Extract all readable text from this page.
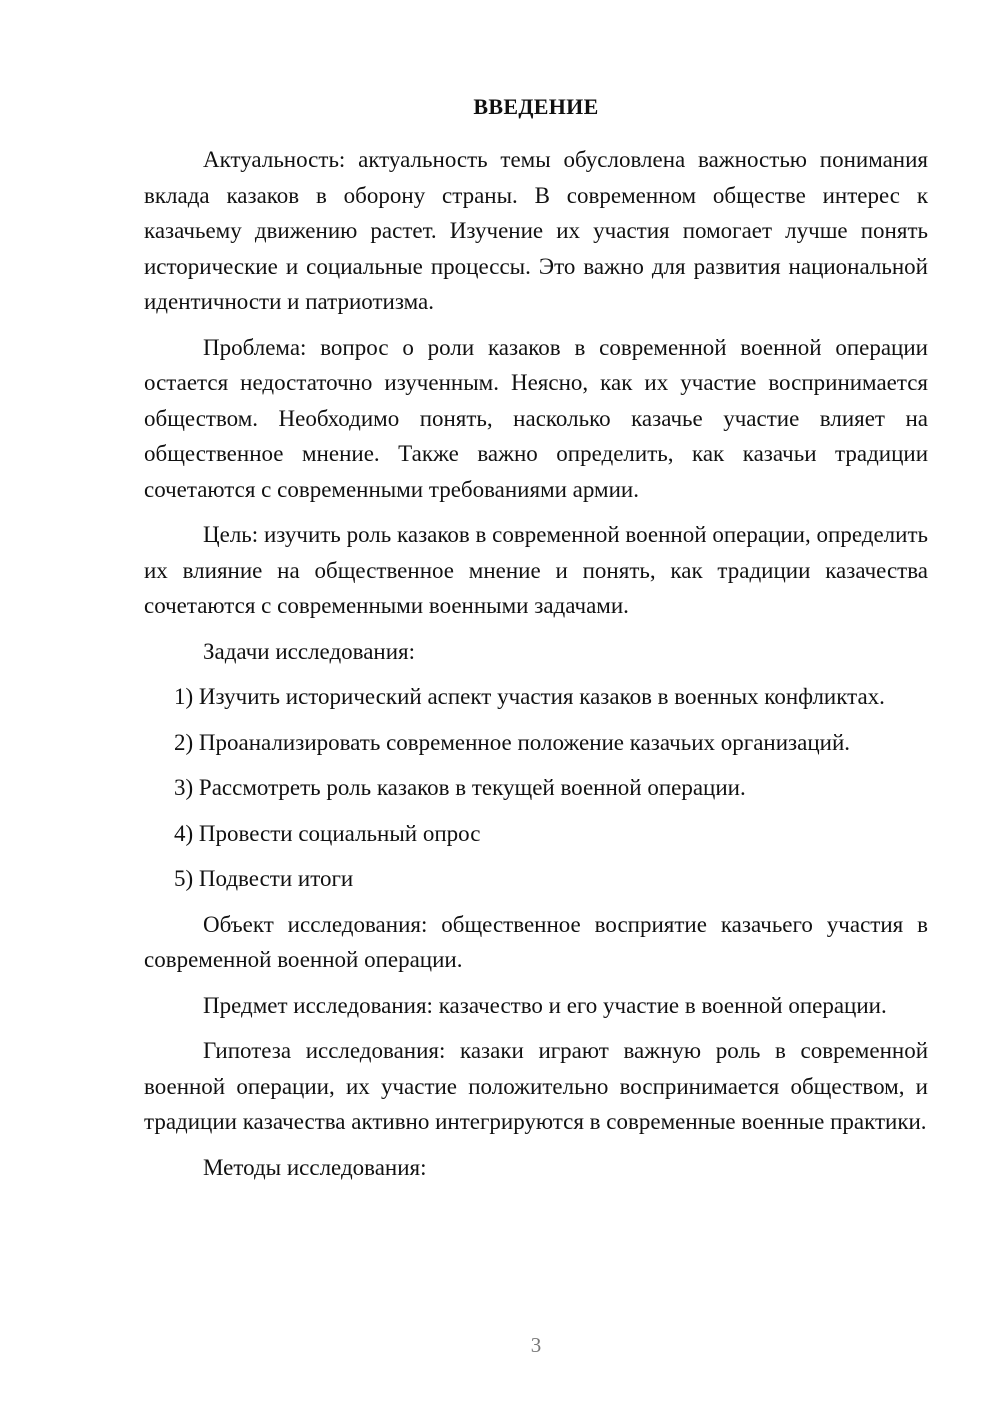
ВВЕДЕНИЕ

Актуальность: актуальность темы обусловлена важностью понимания вклада казаков в оборону страны. В современном обществе интерес к казачьему движению растет. Изучение их участия помогает лучше понять исторические и социальные процессы. Это важно для развития национальной идентичности и патриотизма.

Проблема: вопрос о роли казаков в современной военной операции остается недостаточно изученным. Неясно, как их участие воспринимается обществом. Необходимо понять, насколько казачье участие влияет на общественное мнение. Также важно определить, как казачьи традиции сочетаются с современными требованиями армии.

Цель: изучить роль казаков в современной военной операции, определить их влияние на общественное мнение и понять, как традиции казачества сочетаются с современными военными задачами.

Задачи исследования:

1) Изучить исторический аспект участия казаков в военных конфликтах.

2) Проанализировать современное положение казачьих организаций.

3) Рассмотреть роль казаков в текущей военной операции.

4) Провести социальный опрос

5) Подвести итоги

Объект исследования: общественное восприятие казачьего участия в современной военной операции.

Предмет исследования: казачество и его участие в военной операции.

Гипотеза исследования: казаки играют важную роль в современной военной операции, их участие положительно воспринимается обществом, и традиции казачества активно интегрируются в современные военные практики.

Методы исследования:

3
